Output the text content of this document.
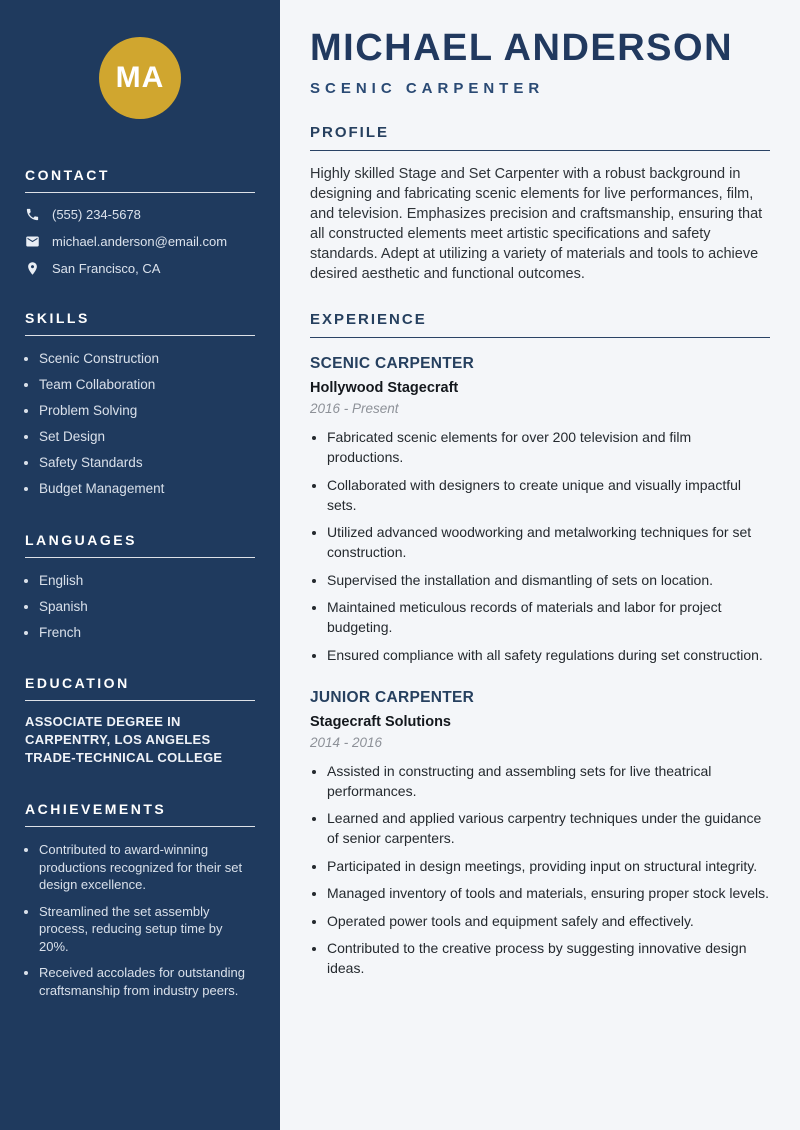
MA
CONTACT
(555) 234-5678
michael.anderson@email.com
San Francisco, CA
SKILLS
• Scenic Construction
• Team Collaboration
• Problem Solving
• Set Design
• Safety Standards
• Budget Management
LANGUAGES
• English
• Spanish
• French
EDUCATION

ASSOCIATE DEGREE IN CARPENTRY, LOS ANGELES TRADE-TECHNICAL COLLEGE

ACHIEVEMENTS
• Contributed to award-winning productions recognized for their set design excellence.
• Streamlined the set assembly process, reducing setup time by 20%.
• Received accolades for outstanding craftsmanship from industry peers.
MICHAEL ANDERSON
SCENIC CARPENTER
PROFILE

Highly skilled Stage and Set Carpenter with a robust background in designing and fabricating scenic elements for live performances, film, and television. Emphasizes precision and craftsmanship, ensuring that all constructed elements meet artistic specifications and safety standards. Adept at utilizing a variety of materials and tools to achieve desired aesthetic and functional outcomes.

EXPERIENCE
SCENIC CARPENTER
Hollywood Stagecraft
2016 - Present
• Fabricated scenic elements for over 200 television and film productions.
• Collaborated with designers to create unique and visually impactful sets.
• Utilized advanced woodworking and metalworking techniques for set construction.
• Supervised the installation and dismantling of sets on location.
• Maintained meticulous records of materials and labor for project budgeting.
• Ensured compliance with all safety regulations during set construction.
JUNIOR CARPENTER
Stagecraft Solutions
2014 - 2016
• Assisted in constructing and assembling sets for live theatrical performances.
• Learned and applied various carpentry techniques under the guidance of senior carpenters.
• Participated in design meetings, providing input on structural integrity.
• Managed inventory of tools and materials, ensuring proper stock levels.
• Operated power tools and equipment safely and effectively.
• Contributed to the creative process by suggesting innovative design ideas.
